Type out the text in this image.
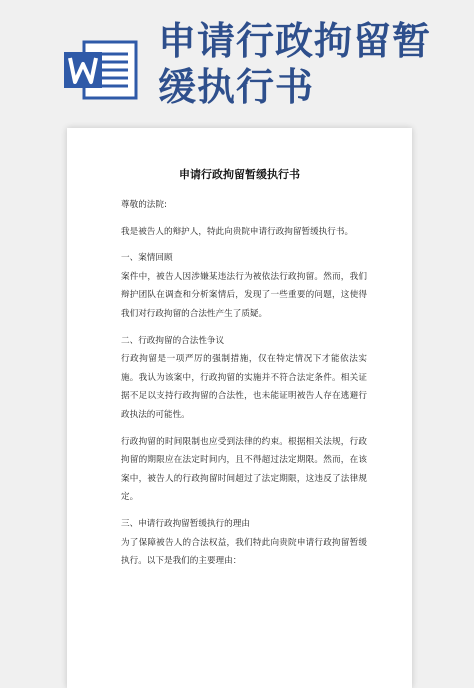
申请行政拘留暂缓执行书
申请行政拘留暂缓执行书

尊敬的法院:

我是被告人的辩护人，特此向贵院申请行政拘留暂缓执行书。

一、案情回顾

案件中，被告人因涉嫌某违法行为被依法行政拘留。然而，我们辩护团队在调查和分析案情后，发现了一些重要的问题，这使得我们对行政拘留的合法性产生了质疑。

二、行政拘留的合法性争议

行政拘留是一项严厉的强制措施，仅在特定情况下才能依法实施。我认为该案中，行政拘留的实施并不符合法定条件。相关证据不足以支持行政拘留的合法性，也未能证明被告人存在逃避行政执法的可能性。

行政拘留的时间限制也应受到法律的约束。根据相关法规，行政拘留的期限应在法定时间内，且不得超过法定期限。然而，在该案中，被告人的行政拘留时间超过了法定期限，这违反了法律规定。

三、申请行政拘留暂缓执行的理由

为了保障被告人的合法权益，我们特此向贵院申请行政拘留暂缓执行。以下是我们的主要理由：
